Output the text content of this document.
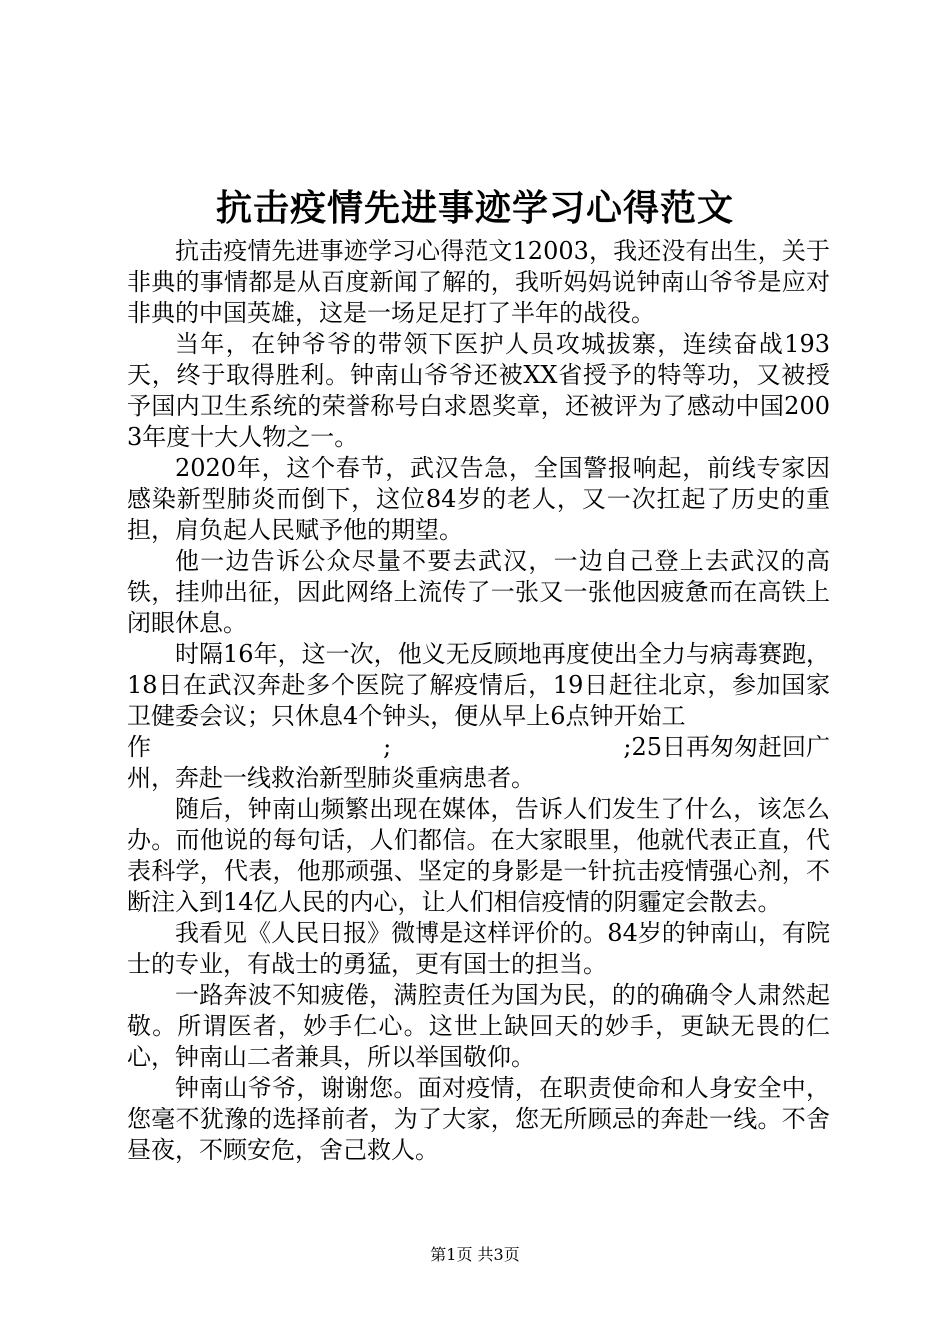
抗击疫情先进事迹学习心得范文

抗击疫情先进事迹学习心得范文12003，我还没有出生，关于非典的事情都是从百度新闻了解的，我听妈妈说钟南山爷爷是应对非典的中国英雄，这是一场足足打了半年的战役。

当年，在钟爷爷的带领下医护人员攻城拔寨，连续奋战193天，终于取得胜利。钟南山爷爷还被XX省授予的特等功，又被授予国内卫生系统的荣誉称号白求恩奖章，还被评为了感动中国2003年度十大人物之一。

2020年，这个春节，武汉告急，全国警报响起，前线专家因感染新型肺炎而倒下，这位84岁的老人，又一次扛起了历史的重担，肩负起人民赋予他的期望。

他一边告诉公众尽量不要去武汉，一边自己登上去武汉的高铁，挂帅出征，因此网络上流传了一张又一张他因疲惫而在高铁上闭眼休息。

时隔16年，这一次，他义无反顾地再度使出全力与病毒赛跑，18日在武汉奔赴多个医院了解疫情后，19日赶往北京，参加国家卫健委会议；只休息4个钟头，便从早上6点钟开始工

作	;	;25日再匆匆赶回广

州，奔赴一线救治新型肺炎重病患者。

随后，钟南山频繁出现在媒体，告诉人们发生了什么，该怎么办。而他说的每句话，人们都信。在大家眼里，他就代表正直，代表科学，代表，他那顽强、坚定的身影是一针抗击疫情强心剂，不断注入到14亿人民的内心，让人们相信疫情的阴霾定会散去。

我看见《人民日报》微博是这样评价的。84岁的钟南山，有院士的专业，有战士的勇猛，更有国士的担当。

一路奔波不知疲倦，满腔责任为国为民，的的确确令人肃然起敬。所谓医者，妙手仁心。这世上缺回天的妙手，更缺无畏的仁心，钟南山二者兼具，所以举国敬仰。

钟南山爷爷，谢谢您。面对疫情，在职责使命和人身安全中，您毫不犹豫的选择前者，为了大家，您无所顾忌的奔赴一线。不舍昼夜，不顾安危，舍己救人。

第1页 共3页
